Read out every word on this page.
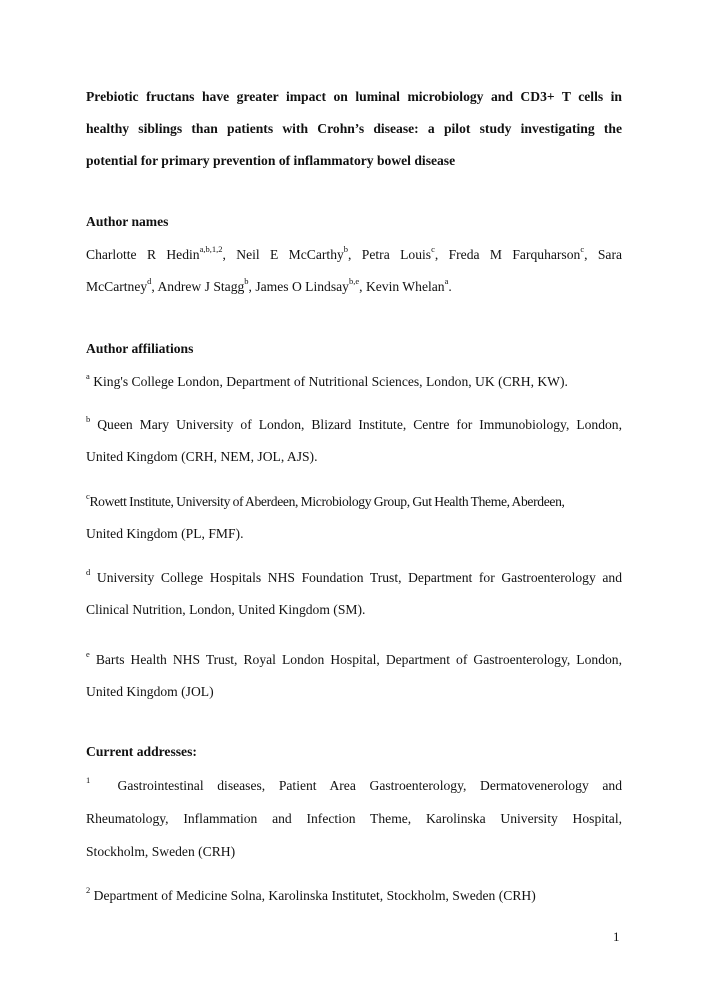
Prebiotic fructans have greater impact on luminal microbiology and CD3+ T cells in
healthy siblings than patients with Crohn’s disease: a pilot study investigating the
potential for primary prevention of inflammatory bowel disease
Author names
Charlotte R Hedin$^{a,b,1,2}$, Neil E McCarthy$^b$, Petra Louis$^c$, Freda M Farquharson$^c$, Sara
McCartney$^d$, Andrew J Stagg$^b$, James O Lindsay$^{b,e}$, Kevin Whelan$^a$.
Author affiliations
$^a$ King's College London, Department of Nutritional Sciences, London, UK (CRH, KW).
$^b$ Queen Mary University of London, Blizard Institute, Centre for Immunobiology, London,
United Kingdom (CRH, NEM, JOL, AJS).
$^c$Rowett Institute, University of Aberdeen, Microbiology Group, Gut Health Theme, Aberdeen,
United Kingdom (PL, FMF).
$^d$ University College Hospitals NHS Foundation Trust, Department for Gastroenterology and
Clinical Nutrition, London, United Kingdom (SM).
$^e$ Barts Health NHS Trust, Royal London Hospital, Department of Gastroenterology, London,
United Kingdom (JOL)
Current addresses:
$^1$ Gastrointestinal diseases, Patient Area Gastroenterology, Dermatovenerology and
Rheumatology, Inflammation and Infection Theme, Karolinska University Hospital,
Stockholm, Sweden (CRH)
$^2$ Department of Medicine Solna, Karolinska Institutet, Stockholm, Sweden (CRH)
1
